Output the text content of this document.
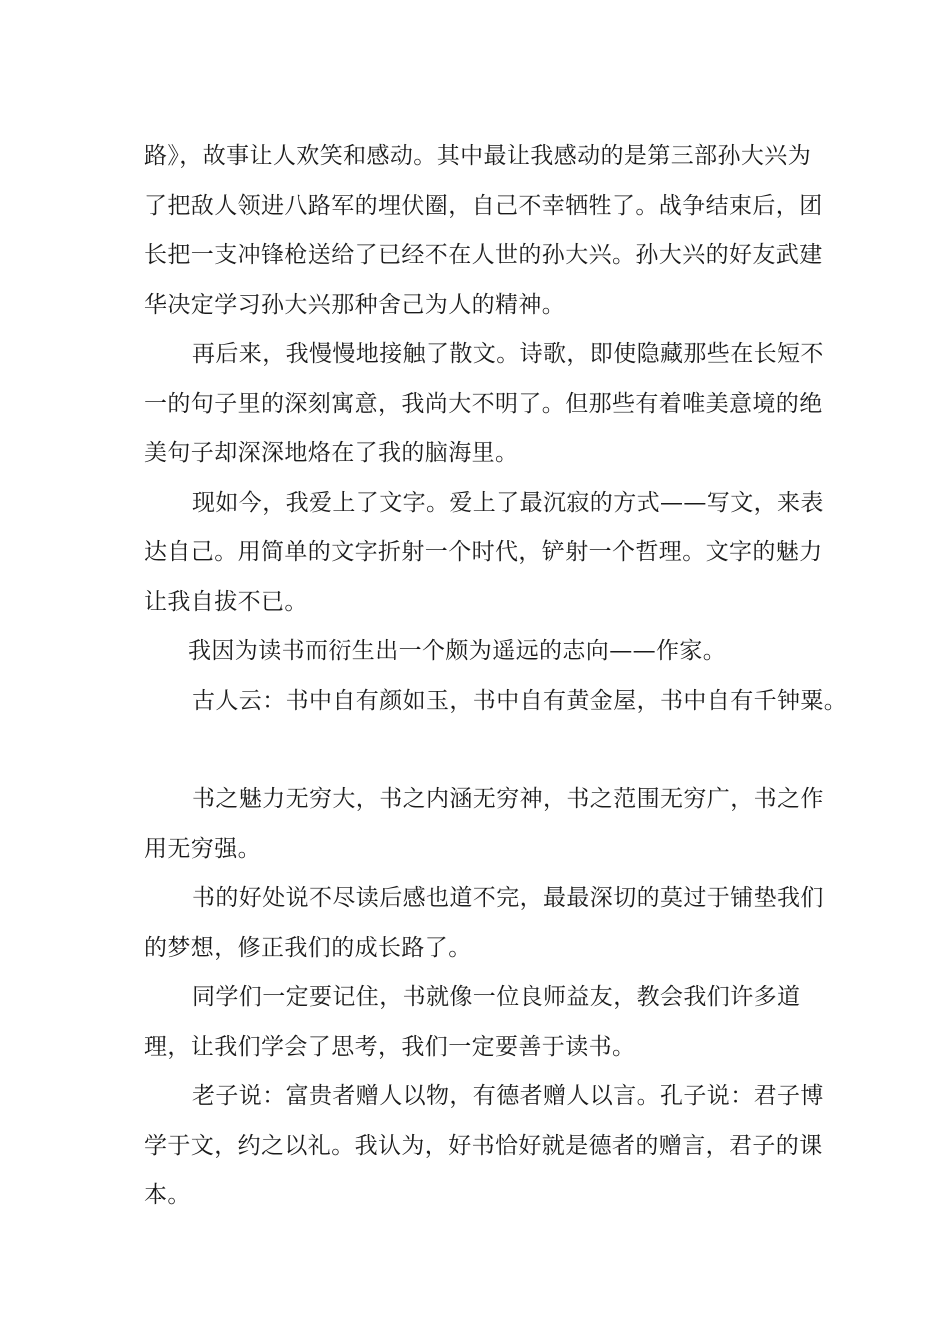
路》，故事让人欢笑和感动。其中最让我感动的是第三部孙大兴为了把敌人领进八路军的埋伏圈，自己不幸牺牲了。战争结束后，团长把一支冲锋枪送给了已经不在人世的孙大兴。孙大兴的好友武建华决定学习孙大兴那种舍己为人的精神。

再后来，我慢慢地接触了散文。诗歌，即使隐藏那些在长短不一的句子里的深刻寓意，我尚大不明了。但那些有着唯美意境的绝美句子却深深地烙在了我的脑海里。

现如今，我爱上了文字。爱上了最沉寂的方式——写文，来表达自己。用简单的文字折射一个时代，铲射一个哲理。文字的魅力让我自拔不已。

我因为读书而衍生出一个颇为遥远的志向——作家。

古人云：书中自有颜如玉，书中自有黄金屋，书中自有千钟粟。

书之魅力无穷大，书之内涵无穷神，书之范围无穷广，书之作用无穷强。

书的好处说不尽读后感也道不完，最最深切的莫过于铺垫我们的梦想，修正我们的成长路了。

同学们一定要记住，书就像一位良师益友，教会我们许多道理，让我们学会了思考，我们一定要善于读书。

老子说：富贵者赠人以物，有德者赠人以言。孔子说：君子博学于文，约之以礼。我认为，好书恰好就是德者的赠言，君子的课本。
